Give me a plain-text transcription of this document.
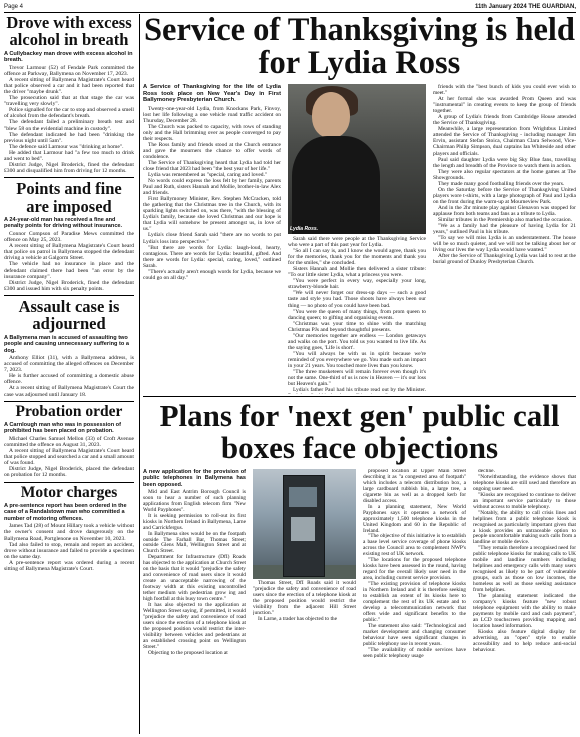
Page 4	11th January 2024 THE GUARDIAN,
Drove with excess alcohol in breath
A Cullybackey man drove with excess alcohol in breath.

Trevor Larmour (52) of Fendale Park committed the offence at Parkway, Ballymena on November 17, 2023.

A recent sitting of Ballymena Magistrate's Court heard that police observed a car and it had been reported that the driver "maybe drunk".

The prosecution said that at that stage the car was "travelling very slowly".

Police signalled for the car to stop and observed a smell of alcohol from the defendant's breath.

The defendant failed a preliminary breath test and "blew 58 on the evidential machine in custody".

The defendant indicated he had been "drinking the previous night until 5am".

The defence said Larmour was "drinking at home".

He added that Larmour had "a few too much to drink and went to bed".

District Judge, Nigel Broderick, fined the defendant £300 and disqualified him from driving for 12 months.

Points and fine are imposed
A 24-year-old man has received a fine and penalty points for driving without insurance.

Connor Compson of Paradise Mews committed the offence on May 25, 2023.

A recent sitting of Ballymena Magistrate's Court heard that police on patrol in Ballymena stopped the defendant driving a vehicle at Galgorm Street.

The vehicle had no insurance in place and the defendant claimed there had been "an error by the insurance company".

District Judge, Nigel Broderick, fined the defendant £300 and issued him with six penalty points.

Assault case is adjourned
A Ballymena man is accused of assaulting two people and causing unnecessary suffering to a dog.

Anthony Elliot (31), with a Ballymena address, is accused of committing the alleged offences on December 7, 2023.

He is further accused of committing a domestic abuse offence.

At a recent sitting of Ballymena Magistrate's Court the case was adjourned until January 18.

Probation order
A Carnlough man who was in possession of prohibited has been placed on probation.

Michael Charles Samuel Mellon (33) of Croft Avenue committed the offence on August 31, 2023.

A recent sitting of Ballymena Magistrate's Court heard that police stopped and searched a car and a small amount of was found.

District Judge, Nigel Broderick, placed the defendant on probation for 12 months.

Motor charges
A pre-sentence report has been ordered in the case of a Randalstown man who committed a number of motoring offences.

James Tad (28) of Mount Hillary took a vehicle without the owner's consent and drove dangerously on the Ballymena Road, Portglenone on November 10, 2023.

Tad also failed to stop, remain and report an accident, drove without insurance and failed to provide a specimen on the same day.

A pre-sentence report was ordered during a recent sitting of Ballymena Magistrate's Court.

Service of Thanksgiving is held for Lydia Ross

A Service of Thanksgiving for the life of Lydia Ross took place on New Year's Day in First Ballymoney Presbyterian Church.

Twenty-one-year-old Lydia, from Knockans Park, Finvoy, lost her life following a one vehicle road traffic accident on Thursday, December 28.

The Church was packed to capacity, with rows of standing only and the Hall brimming over as people converged to pay their respects.

The Ross family and friends stood at the Church entrance and gave the mourners the chance to offer words of condolence.

The Service of Thanksgiving heard that Lydia had told her close friend that 2023 had been "the best year of her life."

Lydia was remembered as "special, caring and loved."

No words could express the loss felt by her family, parents Paul and Ruth, sisters Hannah and Mollie, brother-in-law Alex and friends.

First Ballymoney Minister, Rev. Stephen McCracken, told the gathering that the Christmas tree in the Church, with its sparkling lights switched on, was there, "with the blessing of Lydia's family, because she loved Christmas and our hope is that Lydia will somehow be present amongst us, in love of us."

Lydia's close friend Sarah said "there are no words to put Lydia's loss into perspective."

"But there are words for Lydia: laugh-loud, hearty, contagious. There are words for Lydia: beautiful, gifted. And there are words for Lydia: special, caring, loved," outlined Sarah.

"There's actually aren't enough words for Lydia, because we could go on all day."

Lydia Ross.

Sarah said there were people at the Thanksgiving Service who were a part of this past year for Lydia.

"So all I can say is, and I know she would agree, thank you for the memories, thank you for the moments and thank you for the smiles," she concluded.

Sisters Hannah and Mollie then delivered a sister tribute: "To our little sister Lydia, what a princess you were.

"You were perfect in every way, especially your long, strawberry-blonde hair.

"We will never forget our dress-up days — such a good taste and style you had. Those shoots have always been our thing — no photo of you could have been bad.

"You were the queen of many things, from prom queen to dancing queen; to gifting and organising events.

"Christmas was your time to shine with the matching Christmas PJs and beyond thoughtful presents.

"Our memories together are endless — London getaways and walks on the port. You told us you wanted to live life. As the saying goes, 'Life is short'.

"You will always be with us in spirit because we're reminded of you everywhere we go. You made such an impact in your 21 years. You touched more lives than you know.

"The three musketeers will remain forever even though it's not the same. One-third of us is now in Heaven — it's our loss but Heaven's gain."

Lydia's father Paul had his tribute read out by the Minister.

friends with the "best bunch of kids you could ever wish to meet."

At her formal she was awarded Prom Queen and was "instrumental" in creating events to keep the group of friends together.

A group of Lydia's friends from Cambridge House attended the Service of Thanksgiving.

Meanwhile, a large representation from Wrightbus Limited attended the Service of Thanksgiving - including manager Jim Ervin, assistant Stefan Stoica, Chairman Clara Selwood, Vice-Chairman Philip Simpson, dual captains Ian Whiteside and other players and officials.

Paul said daughter Lydia were big Sky Blue fans, travelling the length and breadth of the Province to watch them in action.

They were also regular spectators at the home games at The Showgrounds.

They made many good footballing friends over the years.

On the Saturday before the Service of Thanksgiving United players wore t-shirts, with a large photograph of Paul and Lydia on the front during the warm-up at Mourneview Park.

And in the 2hr minute play against Glenavon was stopped for applause from both teams and fans as a tribute to Lydia.

Similar tributes in the Premiership also marked the occasion.

"We as a family had the pleasure of having Lydia for 21 years," outlined Paul in his tribute.

"To say we will miss Lydia is an understatement. The house will be so much quieter, and we will not be talking about her or living our lives the way Lydia would have wanted."

After the Service of Thanksgiving Lydia was laid to rest at the burial ground of Dunloy Presbyterian Church.

Plans for 'next gen' public call boxes face objections

A new application for the provision of public telephones in Ballymena has been opposed.

Mid and East Antrim Borough Council is soon to hear a number of such planning applications from English telecom firm "New World Payphones".

It is seeking permission to roll-out its first kiosks in Northern Ireland in Ballymena, Larne and Carrickfergus.

In Ballymena sites would be on the footpath outside The Farhall Bar, Thomas Street; outside Glens Mall, Wellington Street and at Church Street.

Department for Infrastructure (DfI) Roads has objected to the application at Church Street on the basis that it would "prejudice the safety and convenience of road users since it would create an unacceptable narrowing of the footway width at this existing uncontrolled tether medium with pedestrian grow ing and high footfall at this busy town centre."

It has also objected to the application at Wellington Street saying, if permitted, it would "prejudice the safety and convenience of road users since the erection of a telephone kiosk at the proposed position would restrict the inter-visibility between vehicles and pedestrians at an established crossing point on Wellington Street."

Objecting to the proposed location at

Thomas Street, DfI Roads said it would "prejudice the safety and convenience of road users since the erection of a telephone kiosk at the proposed position would restrict the visibility from the adjacent Hill Street junction."

In Larne, a trader has objected to the

proposed location at Upper Main Street describing it as "a congested area of footpath" which includes a telecom distribution box, a large cardboard rubbish bin, a large tree, a cigarette bin as well as a dropped kerb for disabled access.

In a planning statement, New World Payphones says it operates a network of approximately 1,500 telephone kiosks in the United Kingdom and 60 in the Republic of Ireland.

"The objective of this initiative is to establish a base level service coverage of phone kiosks across the Council area to complement NWP's existing rest of UK network.

"The locations for the proposed telephone kiosks have been assessed in the round, having regard for the overall likely user need in the area, including current service provision.

"The existing provision of telephone kiosks in Northern Ireland and it is therefore seeking to establish an extent of its kiosks here to complement the rest of its UK estate and to develop a telecommunication network that offers wide and significant benefits to the public."

The statement also said: "Technological and market development and changing consumer behaviour have seen significant changes in public telephony use in recent years.

"The availability of mobile services have seen public telephony usage

decline.

"Notwithstanding, the evidence shows that telephone kiosks are still used and therefore an ongoing user need.

"Kiosks are recognised to continue to deliver an important service particularly to those without access to mobile telephony.

"Notably, the ability to call crisis lines and helplines from a public telephone kiosk is recognised as particularly important given that a kiosk provides an untraceable option to people uncomfortable making such calls from a landline or mobile device.

"They remain therefore a recognised need for public telephone kiosks for making calls to UK mobile and landline numbers including helplines and emergency calls with many users recognised as likely to be part of vulnerable groups, such as those on low incomes, the homeless as well as those seeking assistance from helplines.

The planning statement indicated the company's kiosks feature "new robust telephone equipment with the ability to make payments by mobile card and cash payment", an LCD touchscreen providing mapping and location based information.

Kiosks also feature digital display for advertising, an "open" style to enable accessibility and to help reduce anti-social behaviour.
